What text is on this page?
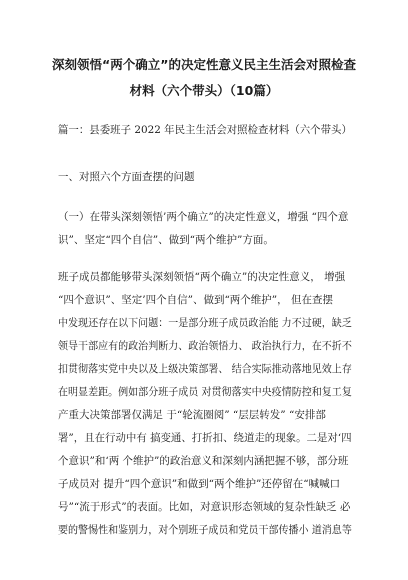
深刻领悟“两个确立”的决定性意义民主生活会对照检查
材料（六个带头）（10篇）
篇一：县委班子 2022 年民主生活会对照检查材料（六个带头）
一、对照六个方面查摆的问题
（一）在带头深刻领悟’两个确立”的决定性意义，增强 “四个意
识”、坚定“四个自信”、做到“两个维护”方面。
班子成员都能够带头深刻领悟“两个确立”的决定性意义， 增强
“四个意识”、坚定’四个自信”、做到“两个维护”， 但在查摆
中发现还存在以下问题：一是部分班子成员政治能 力不过硬，缺乏
领导干部应有的政治判断力、政治领悟力、 政治执行力，在不折不
扣贯彻落实党中央以及上级决策部署、 结合实际推动落地见效上存
在明显差距。例如部分班子成员 对贯彻落实中央疫情防控和复工复
产重大决策部署仅满足 于“轮流圈阅” “层层转发” “安排部
署”，且在行动中有 搞变通、打折扣、绕道走的现象。二是对‘四
个意识”和‘两 个维护”的政治意义和深刻内涵把握不够，部分班
子成员对 提升“四个意识”和做到“两个维护”还停留在“喊喊口
号”“流于形式”的表面。比如，对意识形态领域的复杂性缺乏 必
要的警惕性和鉴别力，对个别班子成员和党员干部传播小 道消息等
